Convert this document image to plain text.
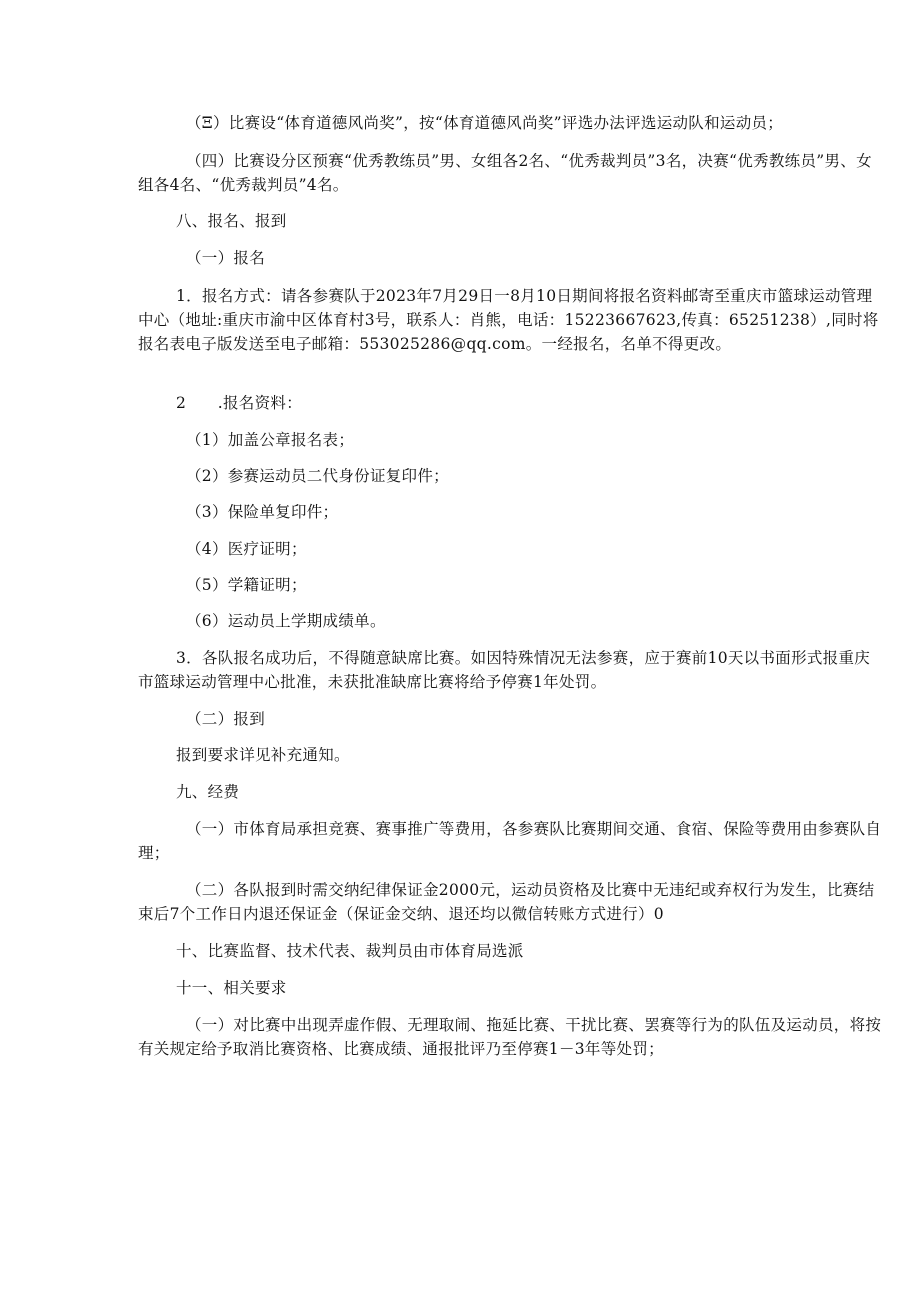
（Ξ）比赛设“体育道德风尚奖”，按“体育道德风尚奖”评选办法评选运动队和运动员；

（四）比赛设分区预赛“优秀教练员”男、女组各2名、“优秀裁判员”3名，决赛“优秀教练员”男、女组各4名、“优秀裁判员”4名。

八、报名、报到

（一）报名

1．报名方式：请各参赛队于2023年7月29日一8月10日期间将报名资料邮寄至重庆市篮球运动管理中心（地址:重庆市渝中区体育村3号，联系人：肖熊，电话：15223667623,传真：65251238）,同时将报名表电子版发送至电子邮箱：553025286@qq.com。一经报名，名单不得更改。

2　　.报名资料：

（1）加盖公章报名表；

（2）参赛运动员二代身份证复印件；

（3）保险单复印件；

（4）医疗证明；

（5）学籍证明；

（6）运动员上学期成绩单。

3．各队报名成功后，不得随意缺席比赛。如因特殊情况无法参赛，应于赛前10天以书面形式报重庆市篮球运动管理中心批准，未获批准缺席比赛将给予停赛1年处罚。

（二）报到

报到要求详见补充通知。

九、经费

（一）市体育局承担竞赛、赛事推广等费用，各参赛队比赛期间交通、食宿、保险等费用由参赛队自理；

（二）各队报到时需交纳纪律保证金2000元，运动员资格及比赛中无违纪或弃权行为发生，比赛结束后7个工作日内退还保证金（保证金交纳、退还均以微信转账方式进行）0

十、比赛监督、技术代表、裁判员由市体育局选派

十一、相关要求

（一）对比赛中出现弄虚作假、无理取闹、拖延比赛、干扰比赛、罢赛等行为的队伍及运动员，将按有关规定给予取消比赛资格、比赛成绩、通报批评乃至停赛1－3年等处罚；
